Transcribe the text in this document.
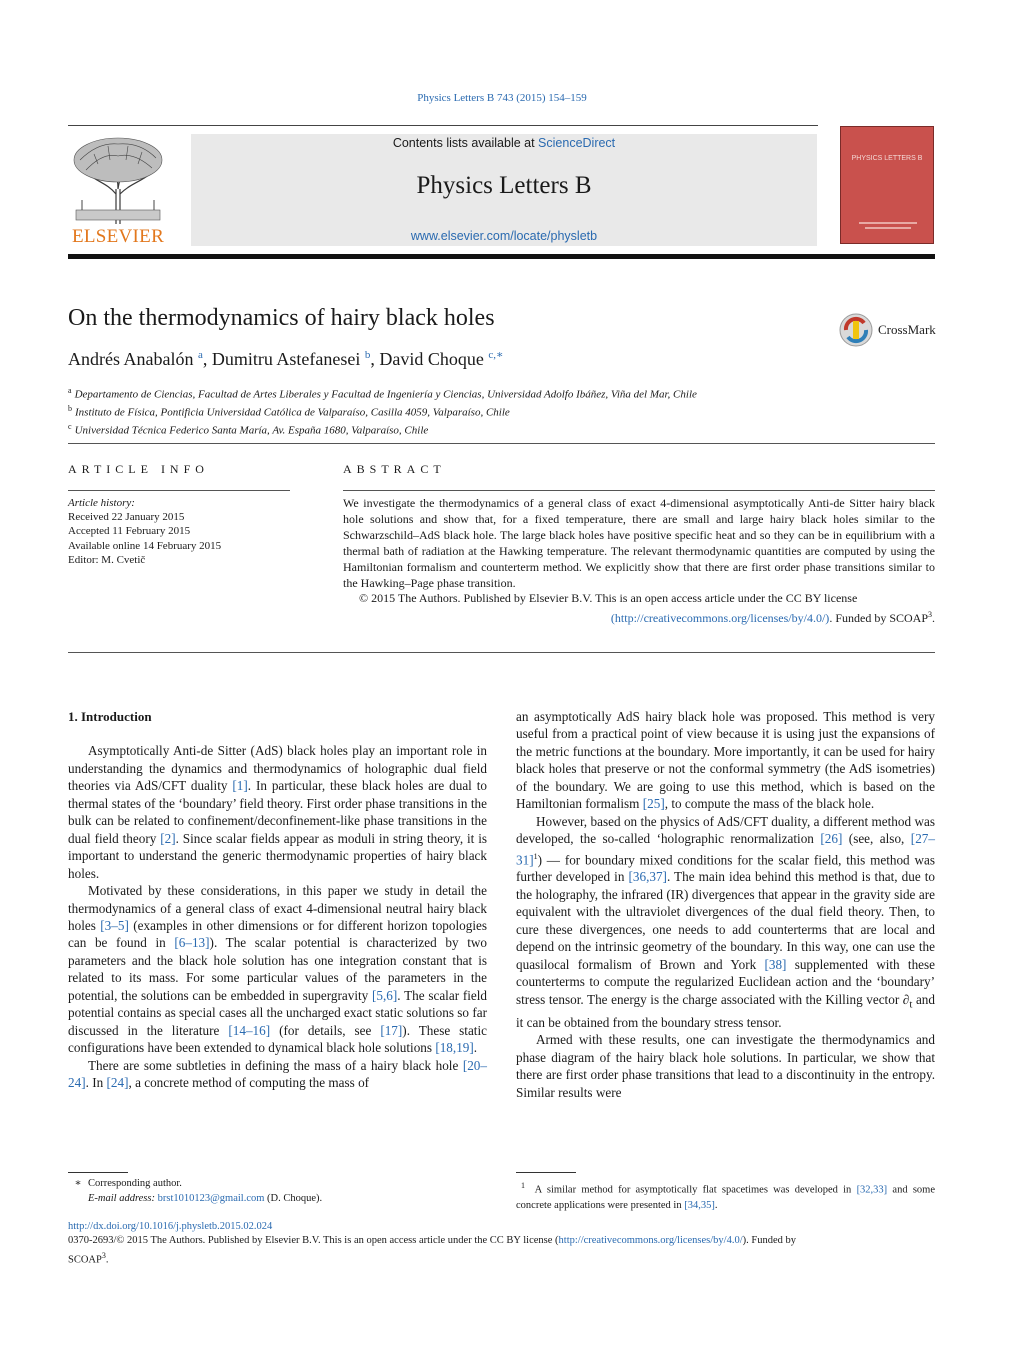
Physics Letters B 743 (2015) 154–159
ELSEVIER
Contents lists available at ScienceDirect
Physics Letters B
www.elsevier.com/locate/physletb
PHYSICS LETTERS B
On the thermodynamics of hairy black holes	CrossMark
Andrés Anabalón $^a$, Dumitru Astefanesei $^b$, David Choque $^{c,∗}$
$^a$ Departamento de Ciencias, Facultad de Artes Liberales y Facultad de Ingeniería y Ciencias, Universidad Adolfo Ibáñez, Viña del Mar, Chile
$^b$ Instituto de Física, Pontificia Universidad Católica de Valparaíso, Casilla 4059, Valparaíso, Chile
$^c$ Universidad Técnica Federico Santa María, Av. España 1680, Valparaíso, Chile
ARTICLE INFO
Article history:
Received 22 January 2015
Accepted 11 February 2015
Available online 14 February 2015
Editor: M. Cvetič
ABSTRACT

We investigate the thermodynamics of a general class of exact 4-dimensional asymptotically Anti-de Sitter hairy black hole solutions and show that, for a fixed temperature, there are small and large hairy black holes similar to the Schwarzschild–AdS black hole. The large black holes have positive specific heat and so they can be in equilibrium with a thermal bath of radiation at the Hawking temperature. The relevant thermodynamic quantities are computed by using the Hamiltonian formalism and counterterm method. We explicitly show that there are first order phase transitions similar to the Hawking–Page phase transition.

© 2015 The Authors. Published by Elsevier B.V. This is an open access article under the CC BY license

(http://creativecommons.org/licenses/by/4.0/). Funded by SCOAP$^3$.

1. Introduction

Asymptotically Anti-de Sitter (AdS) black holes play an important role in understanding the dynamics and thermodynamics of holographic dual field theories via AdS/CFT duality [1]. In particular, these black holes are dual to thermal states of the ‘boundary’ field theory. First order phase transitions in the bulk can be related to confinement/deconfinement-like phase transitions in the dual field theory [2]. Since scalar fields appear as moduli in string theory, it is important to understand the generic thermodynamic properties of hairy black holes.

Motivated by these considerations, in this paper we study in detail the thermodynamics of a general class of exact 4-dimensional neutral hairy black holes [3–5] (examples in other dimensions or for different horizon topologies can be found in [6–13]). The scalar potential is characterized by two parameters and the black hole solution has one integration constant that is related to its mass. For some particular values of the parameters in the potential, the solutions can be embedded in supergravity [5,6]. The scalar field potential contains as special cases all the uncharged exact static solutions so far discussed in the literature [14–16] (for details, see [17]). These static configurations have been extended to dynamical black hole solutions [18,19].

There are some subtleties in defining the mass of a hairy black hole [20–24]. In [24], a concrete method of computing the mass of

an asymptotically AdS hairy black hole was proposed. This method is very useful from a practical point of view because it is using just the expansions of the metric functions at the boundary. More importantly, it can be used for hairy black holes that preserve or not the conformal symmetry (the AdS isometries) of the boundary. We are going to use this method, which is based on the Hamiltonian formalism [25], to compute the mass of the black hole.

However, based on the physics of AdS/CFT duality, a different method was developed, the so-called ‘holographic renormalization [26] (see, also, $[27-31]^1$) — for boundary mixed conditions for the scalar field, this method was further developed in [36,37]. The main idea behind this method is that, due to the holography, the infrared (IR) divergences that appear in the gravity side are equivalent with the ultraviolet divergences of the dual field theory. Then, to cure these divergences, one needs to add counterterms that are local and depend on the intrinsic geometry of the boundary. In this way, one can use the quasilocal formalism of Brown and York [38] supplemented with these counterterms to compute the regularized Euclidean action and the ‘boundary’ stress tensor. The energy is the charge associated with the Killing vector $\partial_t$ and it can be obtained from the boundary stress tensor.

Armed with these results, one can investigate the thermodynamics and phase diagram of the hairy black hole solutions. In particular, we show that there are first order phase transitions that lead to a discontinuity in the entropy. Similar results were

∗ Corresponding author.
E-mail address: brst1010123@gmail.com (D. Choque).
$^1$ A similar method for asymptotically flat spacetimes was developed in [32,33] and some concrete applications were presented in [34,35].
http://dx.doi.org/10.1016/j.physletb.2015.02.024
0370-2693/© 2015 The Authors. Published by Elsevier B.V. This is an open access article under the CC BY license (http://creativecommons.org/licenses/by/4.0/). Funded by
SCOAP$^3$.
